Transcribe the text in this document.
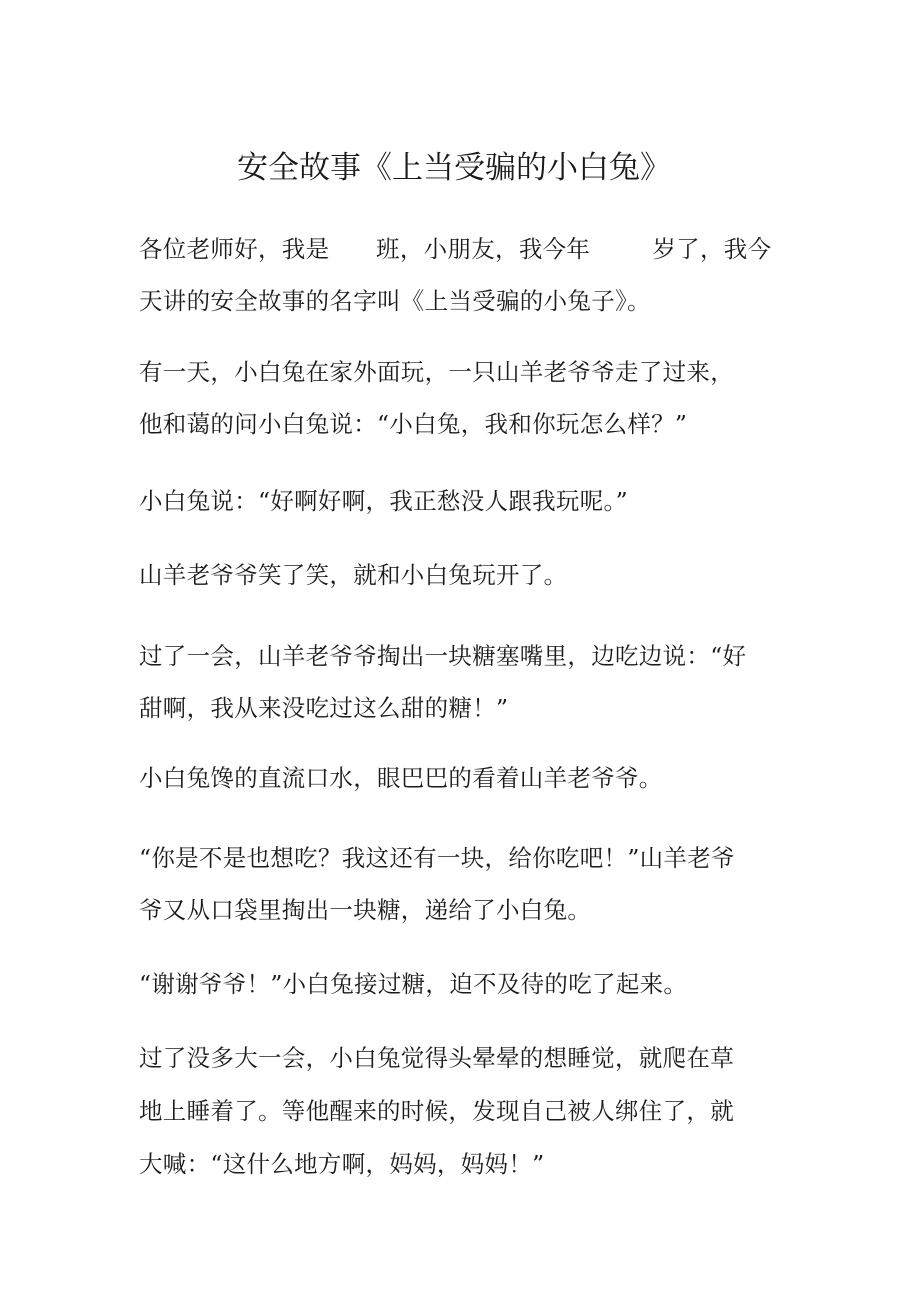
安全故事《上当受骗的小白兔》
各位老师好，我是      班，小朋友，我今年        岁了，我今
天讲的安全故事的名字叫《上当受骗的小兔子》。
有一天，小白兔在家外面玩，一只山羊老爷爷走了过来，
他和蔼的问小白兔说：“小白兔，我和你玩怎么样？”
小白兔说：“好啊好啊，我正愁没人跟我玩呢。”
山羊老爷爷笑了笑，就和小白兔玩开了。
过了一会，山羊老爷爷掏出一块糖塞嘴里，边吃边说：“好
甜啊，我从来没吃过这么甜的糖！”
小白兔馋的直流口水，眼巴巴的看着山羊老爷爷。
“你是不是也想吃？我这还有一块，给你吃吧！”山羊老爷
爷又从口袋里掏出一块糖，递给了小白兔。
“谢谢爷爷！”小白兔接过糖，迫不及待的吃了起来。
过了没多大一会，小白兔觉得头晕晕的想睡觉，就爬在草
地上睡着了。等他醒来的时候，发现自己被人绑住了，就
大喊：“这什么地方啊，妈妈，妈妈！”
